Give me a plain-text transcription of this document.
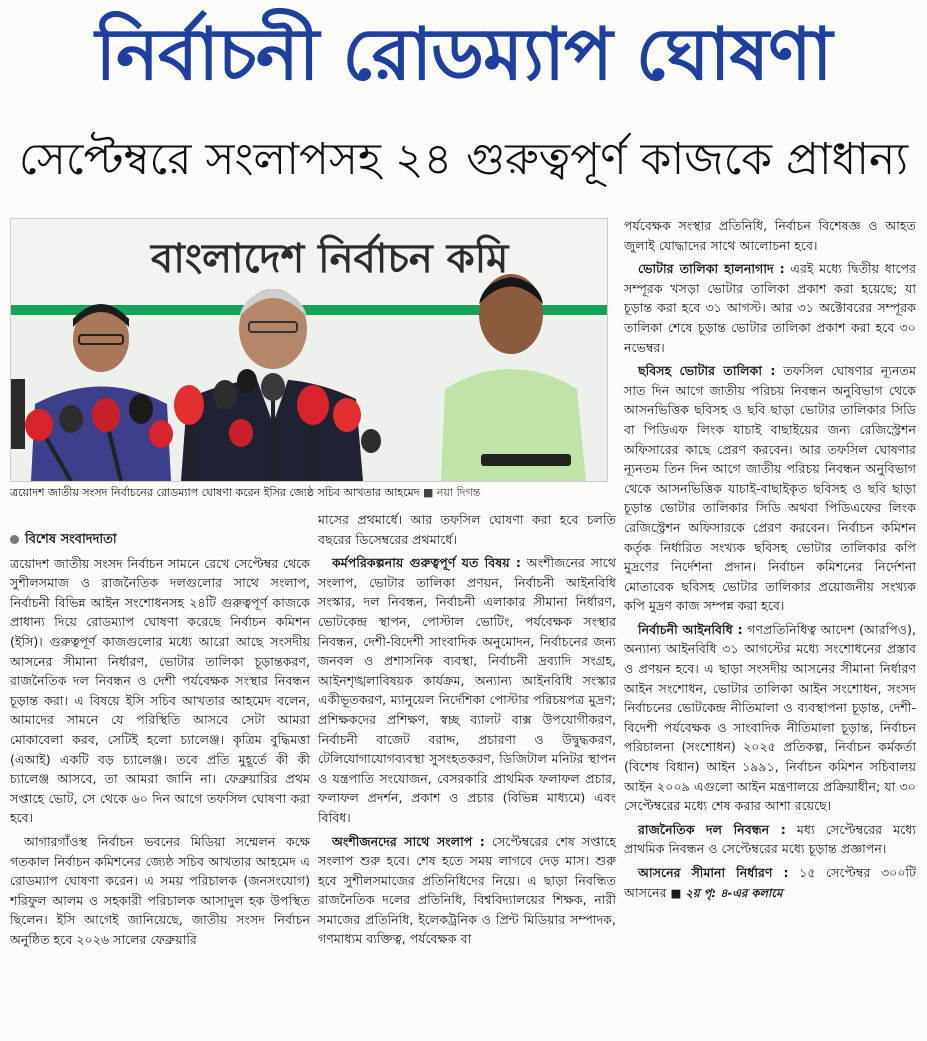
নির্বাচনী রোডম্যাপ ঘোষণা
সেপ্টেম্বরে সংলাপসহ ২৪ গুরুত্বপূর্ণ কাজকে প্রাধান্য
বাংলাদেশ নির্বাচন কমি
ত্রয়োদশ জাতীয় সংসদ নির্বাচনের রোডম্যাপ ঘোষণা করেন ইসির জ্যেষ্ঠ সচিব আখতার আহমেদ ■ নয়া দিগন্ত

বিশেষ সংবাদদাতা

ত্রয়োদশ জাতীয় সংসদ নির্বাচন সামনে রেখে সেপ্টেম্বর থেকে সুশীলসমাজ ও রাজনৈতিক দলগুলোর সাথে সংলাপ, নির্বাচনী বিভিন্ন আইন সংশোধনসহ ২৪টি গুরুত্বপূর্ণ কাজকে প্রাধান্য দিয়ে রোডম্যাপ ঘোষণা করেছে নির্বাচন কমিশন (ইসি)। গুরুত্বপূর্ণ কাজগুলোর মধ্যে আরো আছে সংসদীয় আসনের সীমানা নির্ধারণ, ভোটার তালিকা চূড়ান্তকরণ, রাজনৈতিক দল নিবন্ধন ও দেশী পর্যবেক্ষক সংস্থার নিবন্ধন চূড়ান্ত করা। এ বিষয়ে ইসি সচিব আখতার আহমেদ বলেন, আমাদের সামনে যে পরিস্থিতি আসবে সেটা আমরা মোকাবেলা করব, সেটিই হলো চ্যালেঞ্জ। কৃত্রিম বুদ্ধিমত্তা (এআই) একটি বড় চ্যালেঞ্জ। তবে প্রতি মুহূর্তে কী কী চ্যালেঞ্জ আসবে, তা আমরা জানি না। ফেব্রুয়ারির প্রথম সপ্তাহে ভোট, সে থেকে ৬০ দিন আগে তফসিল ঘোষণা করা হবে।

আগারগাঁওস্থ নির্বাচন ভবনের মিডিয়া সম্মেলন কক্ষে গতকাল নির্বাচন কমিশনের জ্যেষ্ঠ সচিব আখতার আহমেদ এ রোডম্যাপ ঘোষণা করেন। এ সময় পরিচালক (জনসংযোগ) শরিফুল আলম ও সহকারী পরিচালক আসাদুল হক উপস্থিত ছিলেন। ইসি আগেই জানিয়েছে, জাতীয় সংসদ নির্বাচন অনুষ্ঠিত হবে ২০২৬ সালের ফেব্রুয়ারি

মাসের প্রথমার্ধে। আর তফসিল ঘোষণা করা হবে চলতি বছরের ডিসেম্বরের প্রথমার্ধে।

কর্মপরিকল্পনায় গুরুত্বপূর্ণ যত বিষয় : অংশীজনের সাথে সংলাপ, ভোটার তালিকা প্রণয়ন, নির্বাচনী আইনবিধি সংস্কার, দল নিবন্ধন, নির্বাচনী এলাকার সীমানা নির্ধারণ, ভোটকেন্দ্র স্থাপন, পোস্টাল ভোটিং, পর্যবেক্ষক সংস্থার নিবন্ধন, দেশী-বিদেশী সাংবাদিক অনুমোদন, নির্বাচনের জন্য জনবল ও প্রশাসনিক ব্যবস্থা, নির্বাচনী দ্রব্যাদি সংগ্রহ, আইনশৃঙ্খলাবিষয়ক কার্যক্রম, অন্যান্য আইনবিধি সংস্কার একীভূতকরণ, ম্যানুয়েল নির্দেশিকা পোস্টার পরিচয়পত্র মুদ্রণ; প্রশিক্ষকদের প্রশিক্ষণ, স্বচ্ছ ব্যালট বাক্স উপযোগীকরণ, নির্বাচনী বাজেট বরাদ্দ, প্রচারণা ও উদ্বুদ্ধকরণ, টেলিযোগাযোগব্যবস্থা সুসংহতকরণ, ডিজিটাল মনিটর স্থাপন ও যন্ত্রপাতি সংযোজন, বেসরকারি প্রাথমিক ফলাফল প্রচার, ফলাফল প্রদর্শন, প্রকাশ ও প্রচার (বিভিন্ন মাধ্যমে) এবং বিবিধ।

অংশীজনদের সাথে সংলাপ : সেপ্টেম্বরের শেষ সপ্তাহে সংলাপ শুরু হবে। শেষ হতে সময় লাগবে দেড় মাস। শুরু হবে সুশীলসমাজের প্রতিনিধিদের নিয়ে। এ ছাড়া নিবন্ধিত রাজনৈতিক দলের প্রতিনিধি, বিশ্ববিদ্যালয়ের শিক্ষক, নারী সমাজের প্রতিনিধি, ইলেকট্রনিক ও প্রিন্ট মিডিয়ার সম্পাদক, গণমাধ্যম ব্যক্তিত্ব, পর্যবেক্ষক বা

পর্যবেক্ষক সংস্থার প্রতিনিধি, নির্বাচন বিশেষজ্ঞ ও আহত জুলাই যোদ্ধাদের সাথে আলোচনা হবে।

ভোটার তালিকা হালনাগাদ : এরই মধ্যে দ্বিতীয় ধাপের সম্পূরক খসড়া ভোটার তালিকা প্রকাশ করা হয়েছে; যা চূড়ান্ত করা হবে ৩১ আগস্ট। আর ৩১ অক্টোবরের সম্পূরক তালিকা শেষে চূড়ান্ত ভোটার তালিকা প্রকাশ করা হবে ৩০ নভেম্বর।

ছবিসহ ভোটার তালিকা : তফসিল ঘোষণার ন্যূনতম সাত দিন আগে জাতীয় পরিচয় নিবন্ধন অনুবিভাগ থেকে আসনভিত্তিক ছবিসহ ও ছবি ছাড়া ভোটার তালিকার সিডি বা পিডিএফ লিংক যাচাই বাছাইয়ের জন্য রেজিস্ট্রেশন অফিসারের কাছে প্রেরণ করবেন। আর তফসিল ঘোষণার ন্যূনতম তিন দিন আগে জাতীয় পরিচয় নিবন্ধন অনুবিভাগ থেকে আসনভিত্তিক যাচাই-বাছাইকৃত ছবিসহ ও ছবি ছাড়া চূড়ান্ত ভোটার তালিকার সিডি অথবা পিডিএফের লিংক রেজিস্ট্রেশন অফিসারকে প্রেরণ করবেন। নির্বাচন কমিশন কর্তৃক নির্ধারিত সংখ্যক ছবিসহ ভোটার তালিকার কপি মুদ্রণের নির্দেশনা প্রদান। নির্বাচন কমিশনের নির্দেশনা মোতাবেক ছবিসহ ভোটার তালিকার প্রয়োজনীয় সংখ্যক কপি মুদ্রণ কাজ সম্পন্ন করা হবে।

নির্বাচনী আইনবিধি : গণপ্রতিনিধিত্ব আদেশ (আরপিও), অন্যান্য আইনবিধি ৩১ আগস্টের মধ্যে সংশোধনের প্রস্তাব ও প্রণয়ন হবে। এ ছাড়া সংসদীয় আসনের সীমানা নির্ধারণ আইন সংশোধন, ভোটার তালিকা আইন সংশোধন, সংসদ নির্বাচনের ভোটকেন্দ্র নীতিমালা ও ব্যবস্থাপনা চূড়ান্ত, দেশী-বিদেশী পর্যবেক্ষক ও সাংবাদিক নীতিমালা চূড়ান্ত, নির্বাচন পরিচালনা (সংশোধন) ২০২৫ প্রতিকল্প, নির্বাচন কর্মকর্তা (বিশেষ বিধান) আইন ১৯৯১, নির্বাচন কমিশন সচিবালয় আইন ২০০৯ এগুলো আইন মন্ত্রণালয়ে প্রক্রিয়াধীন; যা ৩০ সেপ্টেম্বরের মধ্যে শেষ করার আশা রয়েছে।

রাজনৈতিক দল নিবন্ধন : মধ্য সেপ্টেম্বরের মধ্যে প্রাথমিক নিবন্ধন ও সেপ্টেম্বরের মধ্যে চূড়ান্ত প্রজ্ঞাপন।

আসনের সীমানা নির্ধারণ : ১৫ সেপ্টেম্বর ৩০০টি আসনের ■ ২য় পৃ: ৪-এর কলামে
